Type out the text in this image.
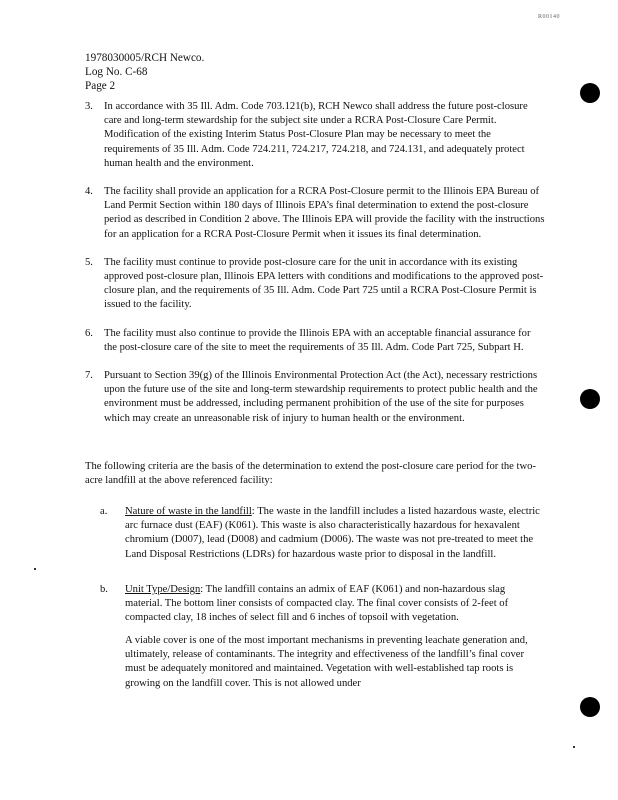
R00140
1978030005/RCH Newco.
Log No. C-68
Page 2
3.	In accordance with 35 Ill. Adm. Code 703.121(b), RCH Newco shall address the future post-closure care and long-term stewardship for the subject site under a RCRA Post-Closure Care Permit. Modification of the existing Interim Status Post-Closure Plan may be necessary to meet the requirements of 35 Ill. Adm. Code 724.211, 724.217, 724.218, and 724.131, and adequately protect human health and the environment.
4.	The facility shall provide an application for a RCRA Post-Closure permit to the Illinois EPA Bureau of Land Permit Section within 180 days of Illinois EPA’s final determination to extend the post-closure period as described in Condition 2 above. The Illinois EPA will provide the facility with the instructions for an application for a RCRA Post-Closure Permit when it issues its final determination.
5.	The facility must continue to provide post-closure care for the unit in accordance with its existing approved post-closure plan, Illinois EPA letters with conditions and modifications to the approved post-closure plan, and the requirements of 35 Ill. Adm. Code Part 725 until a RCRA Post-Closure Permit is issued to the facility.
6.	The facility must also continue to provide the Illinois EPA with an acceptable financial assurance for the post-closure care of the site to meet the requirements of 35 Ill. Adm. Code Part 725, Subpart H.
7.	Pursuant to Section 39(g) of the Illinois Environmental Protection Act (the Act), necessary restrictions upon the future use of the site and long-term stewardship requirements to protect public health and the environment must be addressed, including permanent prohibition of the use of the site for purposes which may create an unreasonable risk of injury to human health or the environment.
The following criteria are the basis of the determination to extend the post-closure care period for the two-acre landfill at the above referenced facility:
a.	Nature of waste in the landfill: The waste in the landfill includes a listed hazardous waste, electric arc furnace dust (EAF) (K061). This waste is also characteristically hazardous for hexavalent chromium (D007), lead (D008) and cadmium (D006). The waste was not pre-treated to meet the Land Disposal Restrictions (LDRs) for hazardous waste prior to disposal in the landfill.
b.	Unit Type/Design: The landfill contains an admix of EAF (K061) and non-hazardous slag material. The bottom liner consists of compacted clay. The final cover consists of 2-feet of compacted clay, 18 inches of select fill and 6 inches of topsoil with vegetation.
A viable cover is one of the most important mechanisms in preventing leachate generation and, ultimately, release of contaminants. The integrity and effectiveness of the landfill’s final cover must be adequately monitored and maintained. Vegetation with well-established tap roots is growing on the landfill cover. This is not allowed under
